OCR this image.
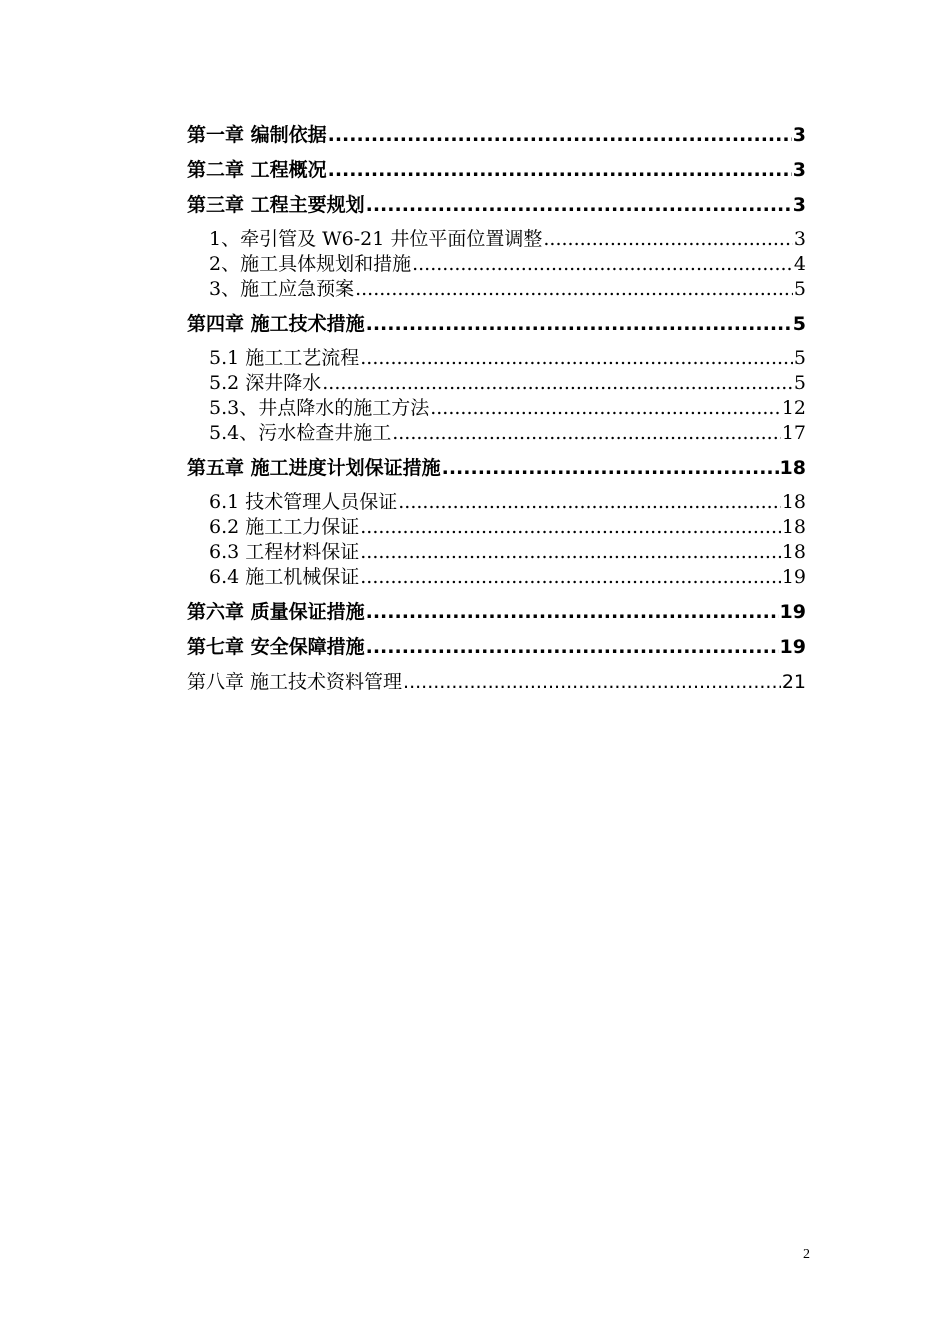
第一章 编制依据 .....	3
第二章 工程概况 .....	3
第三章 工程主要规划 .....	3
1、牵引管及 W6-21 井位平面位置调整 .....	3
2、施工具体规划和措施 .....	4
3、施工应急预案 .....	5
第四章 施工技术措施 .....	5
5.1 施工工艺流程 .....	5
5.2 深井降水 .....	5
5.3、井点降水的施工方法 .....	12
5.4、污水检查井施工 .....	17
第五章 施工进度计划保证措施 .....	18
6.1 技术管理人员保证 .....	18
6.2 施工工力保证 .....	18
6.3 工程材料保证 .....	18
6.4 施工机械保证 .....	19
第六章 质量保证措施 .....	19
第七章 安全保障措施 .....	19
第八章 施工技术资料管理 .....	21
2
